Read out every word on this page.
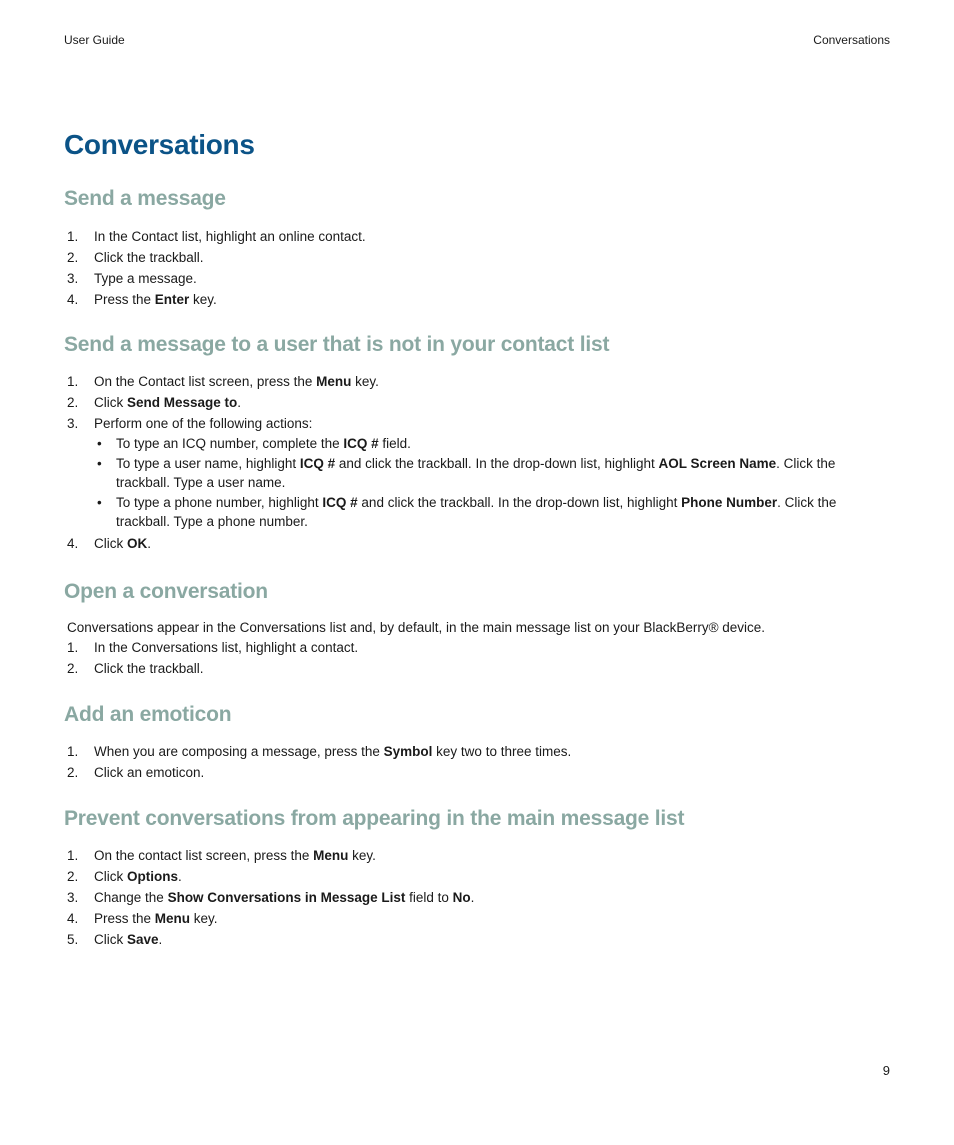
User Guide	Conversations
Conversations
Send a message
1. In the Contact list, highlight an online contact.
2. Click the trackball.
3. Type a message.
4. Press the Enter key.
Send a message to a user that is not in your contact list
1. On the Contact list screen, press the Menu key.
2. Click Send Message to.
3. Perform one of the following actions:
• To type an ICQ number, complete the ICQ # field.
• To type a user name, highlight ICQ # and click the trackball. In the drop-down list, highlight AOL Screen Name. Click the trackball. Type a user name.
• To type a phone number, highlight ICQ # and click the trackball. In the drop-down list, highlight Phone Number. Click the trackball. Type a phone number.
4. Click OK.
Open a conversation

Conversations appear in the Conversations list and, by default, in the main message list on your BlackBerry® device.

1. In the Conversations list, highlight a contact.
2. Click the trackball.
Add an emoticon
1. When you are composing a message, press the Symbol key two to three times.
2. Click an emoticon.
Prevent conversations from appearing in the main message list
1. On the contact list screen, press the Menu key.
2. Click Options.
3. Change the Show Conversations in Message List field to No.
4. Press the Menu key.
5. Click Save.
9
